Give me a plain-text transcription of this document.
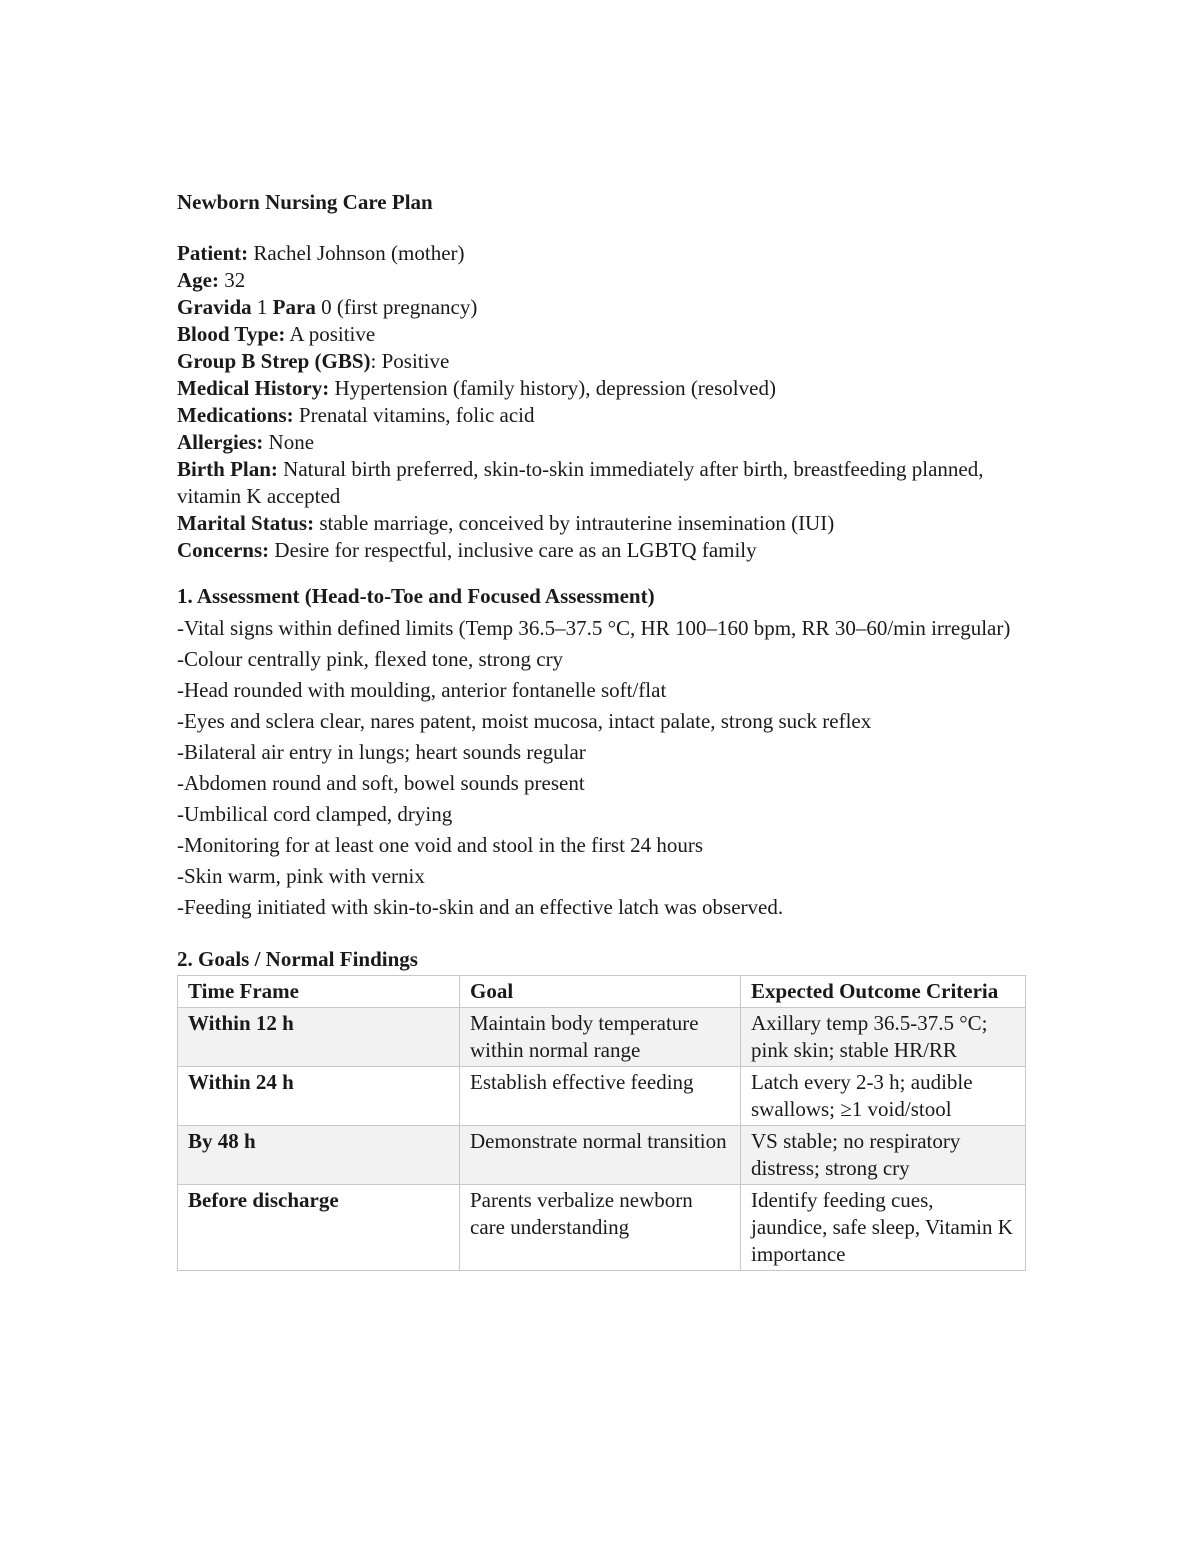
Newborn Nursing Care Plan

Patient: Rachel Johnson (mother)

Age: 32

Gravida 1 Para 0 (first pregnancy)

Blood Type: A positive

Group B Strep (GBS): Positive

Medical History: Hypertension (family history), depression (resolved)

Medications: Prenatal vitamins, folic acid

Allergies: None

Birth Plan: Natural birth preferred, skin-to-skin immediately after birth, breastfeeding planned, vitamin K accepted

Marital Status: stable marriage, conceived by intrauterine insemination (IUI)

Concerns: Desire for respectful, inclusive care as an LGBTQ family

1. Assessment (Head-to-Toe and Focused Assessment)

-Vital signs within defined limits (Temp 36.5–37.5 °C, HR 100–160 bpm, RR 30–60/min irregular)

-Colour centrally pink, flexed tone, strong cry

-Head rounded with moulding, anterior fontanelle soft/flat

-Eyes and sclera clear, nares patent, moist mucosa, intact palate, strong suck reflex

-Bilateral air entry in lungs; heart sounds regular

-Abdomen round and soft, bowel sounds present

-Umbilical cord clamped, drying

-Monitoring for at least one void and stool in the first 24 hours

-Skin warm, pink with vernix

-Feeding initiated with skin-to-skin and an effective latch was observed.

2. Goals / Normal Findings

Time Frame	Goal	Expected Outcome Criteria
Within 12 h	Maintain body temperature within normal range	Axillary temp 36.5-37.5 °C; pink skin; stable HR/RR
Within 24 h	Establish effective feeding	Latch every 2-3 h; audible swallows; ≥1 void/stool
By 48 h	Demonstrate normal transition	VS stable; no respiratory distress; strong cry
Before discharge	Parents verbalize newborn care understanding	Identify feeding cues, jaundice, safe sleep, Vitamin K importance
